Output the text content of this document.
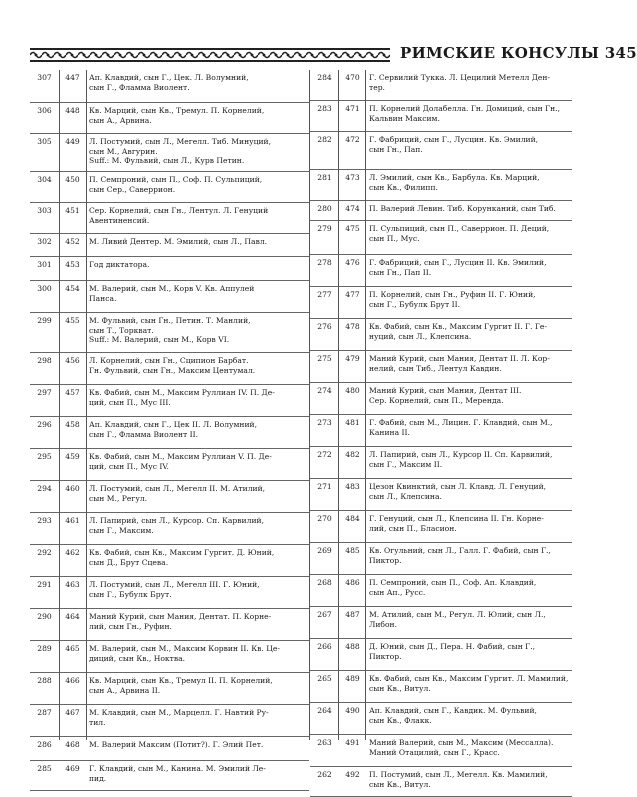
РИМСКИЕ КОНСУЛЫ 345
307	447	Ап. Клавдий, сын Г., Цек. Л. Волумний,
сын Г., Фламма Виолент.
306	448	Кв. Марций, сын Кв., Тремул. П. Корнелий,
сын А., Арвина.
305	449	Л. Постумий, сын Л., Мегелл. Тиб. Минуций,
сын М., Авгурин.
Suff.: М. Фульвий, сын Л., Курв Петин.
304	450	П. Семпроний, сын П., Соф. П. Сульпиций,
сын Сер., Саверрион.
303	451	Сер. Корнелий, сын Гн., Лентул. Л. Генуций
Авентиненсий.
302	452	М. Ливий Дентер. М. Эмилий, сын Л., Павл.
301	453	Год диктатора.
300	454	М. Валерий, сын М., Корв V. Кв. Аппулей
Панса.
299	455	М. Фульвий, сын Гн., Петин. Т. Манлий,
сын Т., Торкват.
Suff.: М. Валерий, сын М., Корв VI.
298	456	Л. Корнелий, сын Гн., Сципион Барбат.
Гн. Фульвий, сын Гн., Максим Центумал.
297	457	Кв. Фабий, сын М., Максим Руллиан IV. П. Де-
ций, сын П., Мус III.
296	458	Ап. Клавдий, сын Г., Цек II. Л. Волумний,
сын Г., Фламма Виолент II.
295	459	Кв. Фабий, сын М., Максим Руллиан V. П. Де-
ций, сын П., Мус IV.
294	460	Л. Постумий, сын Л., Мегелл II. М. Атилий,
сын М., Регул.
293	461	Л. Папирий, сын Л., Курсор. Сп. Карвилий,
сын Г., Максим.
292	462	Кв. Фабий, сын Кв., Максим Гургит. Д. Юний,
сын Д., Брут Сцева.
291	463	Л. Постумий, сын Л., Мегелл III. Г. Юний,
сын Г., Бубулк Брут.
290	464	Маний Курий, сын Мания, Дентат. П. Корне-
лий, сын Гн., Руфин.
289	465	М. Валерий, сын М., Максим Корвин II. Кв. Це-
диций, сын Кв., Ноктва.
288	466	Кв. Марций, сын Кв., Тремул II. П. Корнелий,
сын А., Арвина II.
287	467	М. Клавдий, сын М., Марцелл. Г. Навтий Ру-
тил.
286	468	М. Валерий Максим (Потит?). Г. Элий Пет.
285	469	Г. Клавдий, сын М., Канина. М. Эмилий Ле-
пид.
284	470	Г. Сервилий Тукка. Л. Цецилий Метелл Ден-
тер.
283	471	П. Корнелий Долабелла. Гн. Домиций, сын Гн.,
Кальвин Максим.
282	472	Г. Фабриций, сын Г., Лусцин. Кв. Эмилий,
сын Гн., Пап.
281	473	Л. Эмилий, сын Кв., Барбула. Кв. Марций,
сын Кв., Филипп.
280	474	П. Валерий Левин. Тиб. Корунканий, сын Тиб.
279	475	П. Сульпиций, сын П., Саверрион. П. Деций,
сын П., Мус.
278	476	Г. Фабриций, сын Г., Лусцин II. Кв. Эмилий,
сын Гн., Пап II.
277	477	П. Корнелий, сын Гн., Руфин II. Г. Юний,
сын Г., Бубулк Брут II.
276	478	Кв. Фабий, сын Кв., Максим Гургит II. Г. Ге-
нуций, сын Л., Клепсина.
275	479	Маний Курий, сын Мания, Дентат II. Л. Кор-
нелий, сын Тиб., Лентул Кавдин.
274	480	Маний Курий, сын Мания, Дентат III.
Сер. Корнелий, сын П., Меренда.
273	481	Г. Фабий, сын М., Лицин. Г. Клавдий, сын М.,
Канина II.
272	482	Л. Папирий, сын Л., Курсор II. Сп. Карвилий,
сын Г., Максим II.
271	483	Цезон Квинктий, сын Л. Клавд. Л. Генуций,
сын Л., Клепсина.
270	484	Г. Генуций, сын Л., Клепсина II. Гн. Корне-
лий, сын П., Бласион.
269	485	Кв. Огульний, сын Л., Галл. Г. Фабий, сын Г.,
Пиктор.
268	486	П. Семпроний, сын П., Соф. Ап. Клавдий,
сын Ап., Русс.
267	487	М. Атилий, сын М., Регул. Л. Юлий, сын Л.,
Либон.
266	488	Д. Юний, сын Д., Пера. Н. Фабий, сын Г.,
Пиктор.
265	489	Кв. Фабий, сын Кв., Максим Гургит. Л. Мамилий,
сын Кв., Витул.
264	490	Ап. Клавдий, сын Г., Кавдик. М. Фульвий,
сын Кв., Флакк.
263	491	Маний Валерий, сын М., Максим (Мессалла).
Маний Отацилий, сын Г., Красс.
262	492	П. Постумий, сын Л., Мегелл. Кв. Мамилий,
сын Кв., Витул.
